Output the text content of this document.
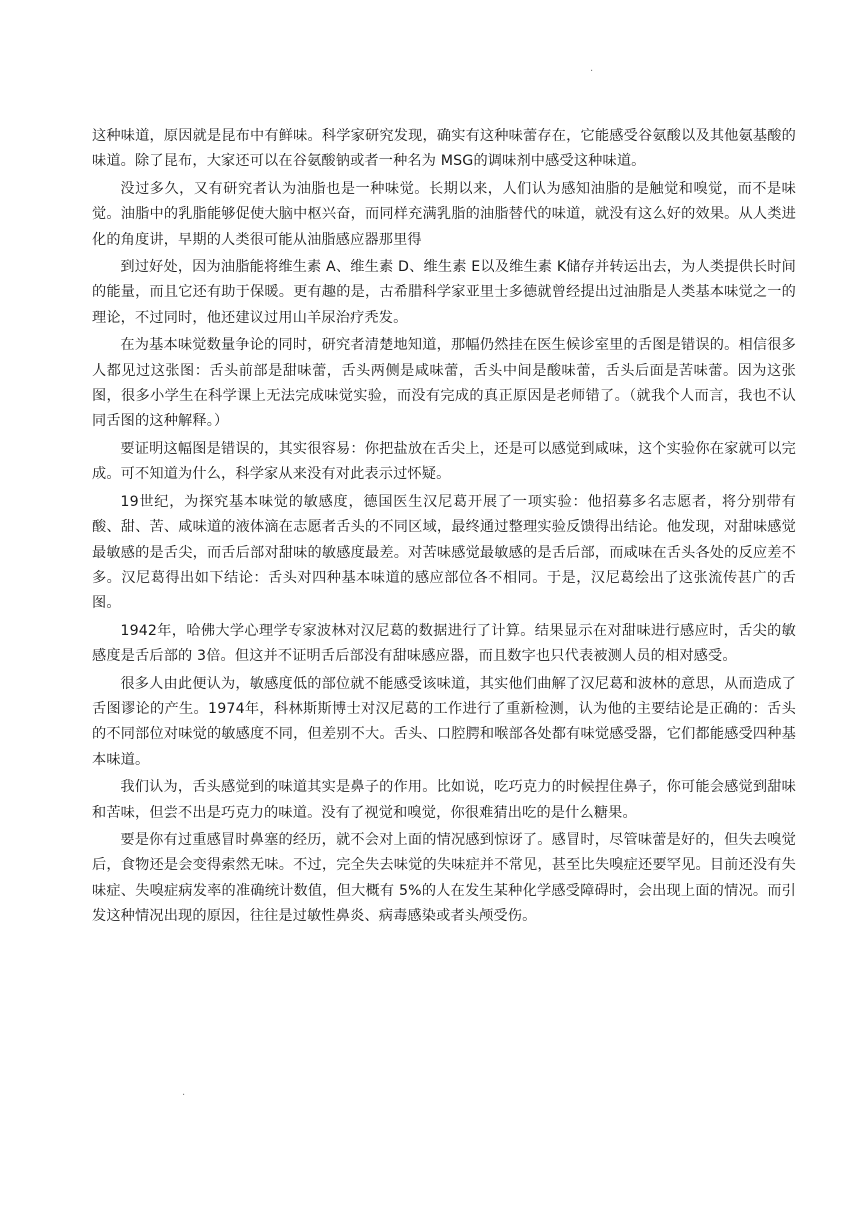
·
·

这种味道，原因就是昆布中有鲜味。科学家研究发现，确实有这种味蕾存在，它能感受谷氨酸以及其他氨基酸的味道。除了昆布，大家还可以在谷氨酸钠或者一种名为 MSG的调味剂中感受这种味道。

没过多久，又有研究者认为油脂也是一种味觉。长期以来，人们认为感知油脂的是触觉和嗅觉，而不是味觉。油脂中的乳脂能够促使大脑中枢兴奋，而同样充满乳脂的油脂替代的味道，就没有这么好的效果。从人类进化的角度讲，早期的人类很可能从油脂感应器那里得

到过好处，因为油脂能将维生素 A、维生素 D、维生素 E以及维生素 K储存并转运出去，为人类提供长时间的能量，而且它还有助于保暖。更有趣的是，古希腊科学家亚里士多德就曾经提出过油脂是人类基本味觉之一的理论，不过同时，他还建议过用山羊尿治疗秃发。

在为基本味觉数量争论的同时，研究者清楚地知道，那幅仍然挂在医生候诊室里的舌图是错误的。相信很多人都见过这张图：舌头前部是甜味蕾，舌头两侧是咸味蕾，舌头中间是酸味蕾，舌头后面是苦味蕾。因为这张图，很多小学生在科学课上无法完成味觉实验，而没有完成的真正原因是老师错了。（就我个人而言，我也不认同舌图的这种解释。）

要证明这幅图是错误的，其实很容易：你把盐放在舌尖上，还是可以感觉到咸味，这个实验你在家就可以完成。可不知道为什么，科学家从来没有对此表示过怀疑。

19世纪，为探究基本味觉的敏感度，德国医生汉尼葛开展了一项实验：他招募多名志愿者，将分别带有酸、甜、苦、咸味道的液体滴在志愿者舌头的不同区域，最终通过整理实验反馈得出结论。他发现，对甜味感觉最敏感的是舌尖，而舌后部对甜味的敏感度最差。对苦味感觉最敏感的是舌后部，而咸味在舌头各处的反应差不多。汉尼葛得出如下结论：舌头对四种基本味道的感应部位各不相同。于是，汉尼葛绘出了这张流传甚广的舌图。

1942年，哈佛大学心理学专家波林对汉尼葛的数据进行了计算。结果显示在对甜味进行感应时，舌尖的敏感度是舌后部的 3倍。但这并不证明舌后部没有甜味感应器，而且数字也只代表被测人员的相对感受。

很多人由此便认为，敏感度低的部位就不能感受该味道，其实他们曲解了汉尼葛和波林的意思，从而造成了舌图谬论的产生。1974年，科林斯斯博士对汉尼葛的工作进行了重新检测，认为他的主要结论是正确的：舌头的不同部位对味觉的敏感度不同，但差别不大。舌头、口腔腭和喉部各处都有味觉感受器，它们都能感受四种基本味道。

我们认为，舌头感觉到的味道其实是鼻子的作用。比如说，吃巧克力的时候捏住鼻子，你可能会感觉到甜味和苦味，但尝不出是巧克力的味道。没有了视觉和嗅觉，你很难猜出吃的是什么糖果。

要是你有过重感冒时鼻塞的经历，就不会对上面的情况感到惊讶了。感冒时，尽管味蕾是好的，但失去嗅觉后，食物还是会变得索然无味。不过，完全失去味觉的失味症并不常见，甚至比失嗅症还要罕见。目前还没有失味症、失嗅症病发率的准确统计数值，但大概有 5%的人在发生某种化学感受障碍时，会出现上面的情况。而引发这种情况出现的原因，往往是过敏性鼻炎、病毒感染或者头颅受伤。
